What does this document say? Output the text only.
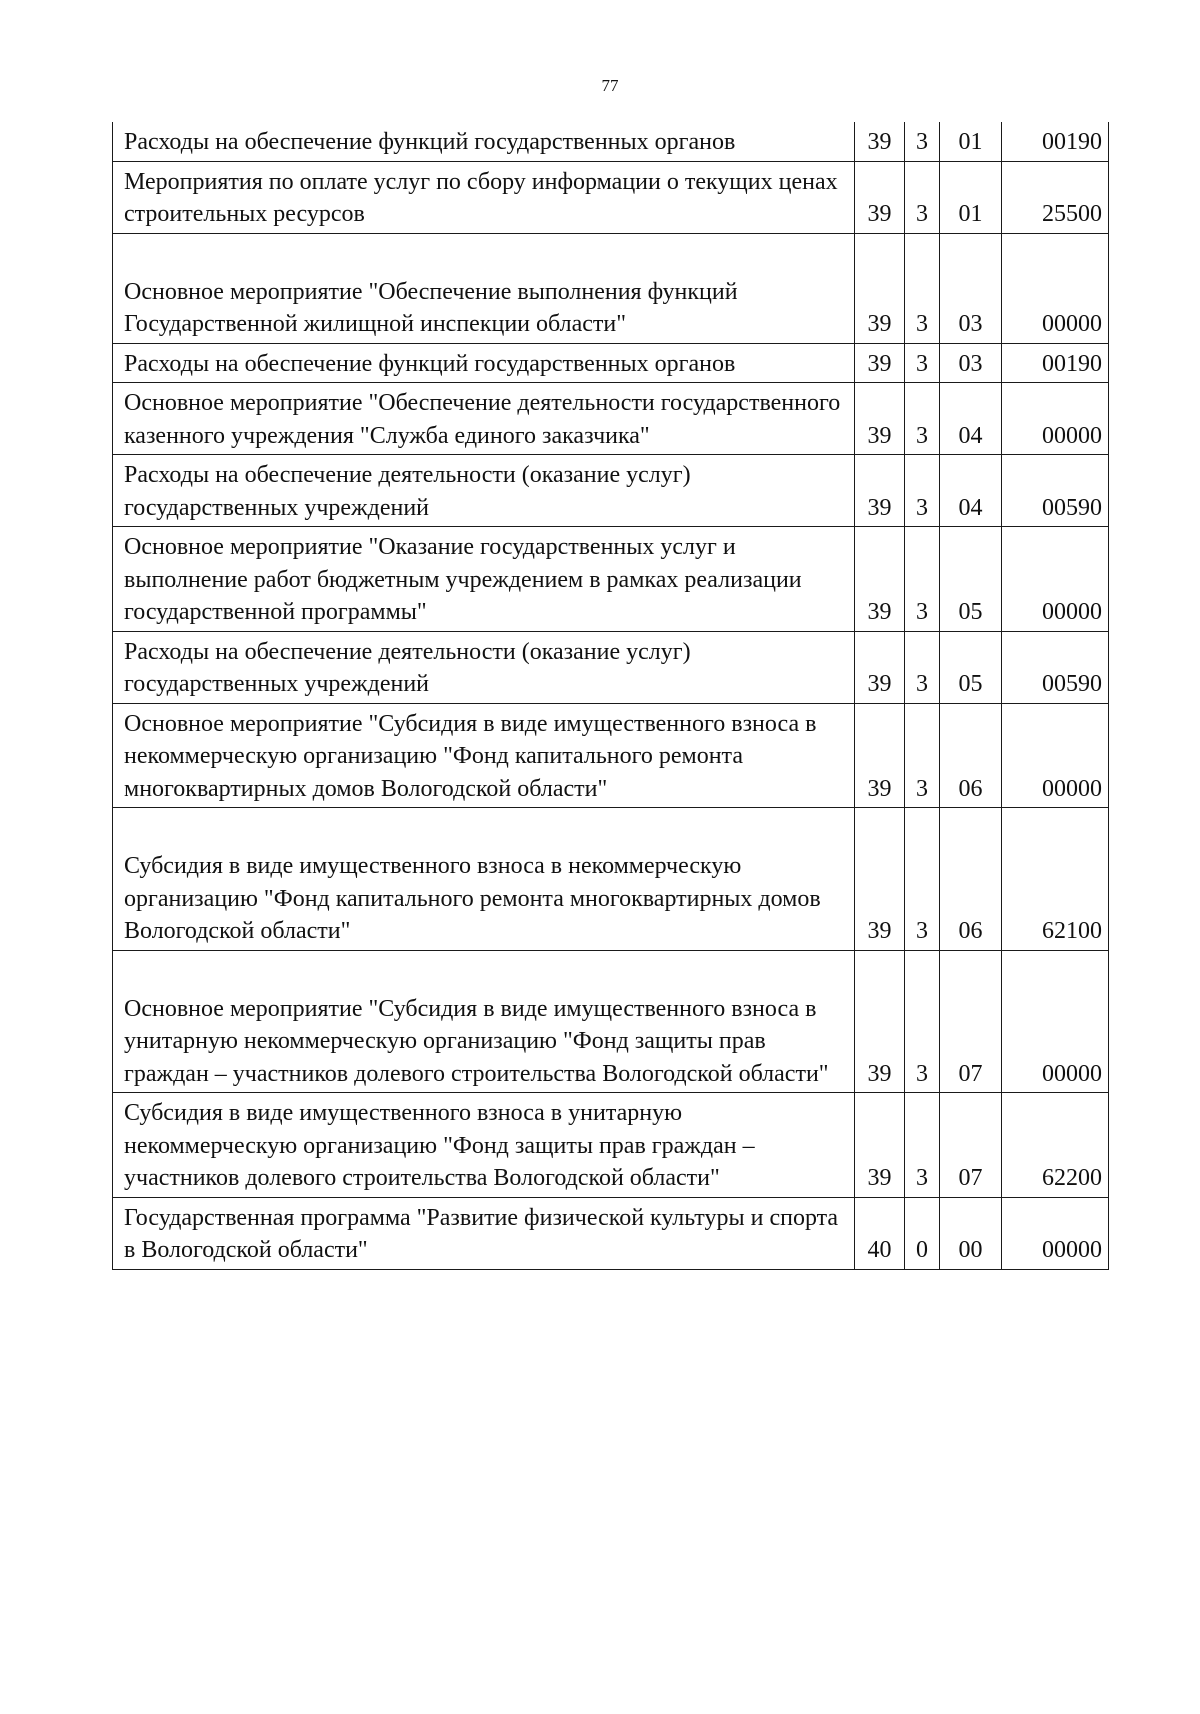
77
Расходы на обеспечение функций государственных органов	39	3	01	00190
Мероприятия по оплате услуг по сбору информации о текущих ценах строительных ресурсов	39	3	01	25500
Основное мероприятие "Обеспечение выполнения функций Государственной жилищной инспекции области"	39	3	03	00000
Расходы на обеспечение функций государственных органов	39	3	03	00190
Основное мероприятие "Обеспечение деятельности государственного казенного учреждения "Служба единого заказчика"	39	3	04	00000
Расходы на обеспечение деятельности (оказание услуг) государственных учреждений	39	3	04	00590
Основное мероприятие "Оказание государственных услуг и выполнение работ бюджетным учреждением в рамках реализации государственной программы"	39	3	05	00000
Расходы на обеспечение деятельности (оказание услуг) государственных учреждений	39	3	05	00590
Основное мероприятие "Субсидия в виде имущественного взноса в некоммерческую организацию "Фонд капитального ремонта многоквартирных домов Вологодской области"	39	3	06	00000
Субсидия в виде имущественного взноса в некоммерческую организацию "Фонд капитального ремонта многоквартирных домов Вологодской области"	39	3	06	62100
Основное мероприятие "Субсидия в виде имущественного взноса в унитарную некоммерческую организацию "Фонд защиты прав граждан – участников долевого строительства Вологодской области"	39	3	07	00000
Субсидия в виде имущественного взноса в унитарную некоммерческую организацию "Фонд защиты прав граждан – участников долевого строительства Вологодской области"	39	3	07	62200
Государственная программа "Развитие физической культуры и спорта в Вологодской области"	40	0	00	00000
